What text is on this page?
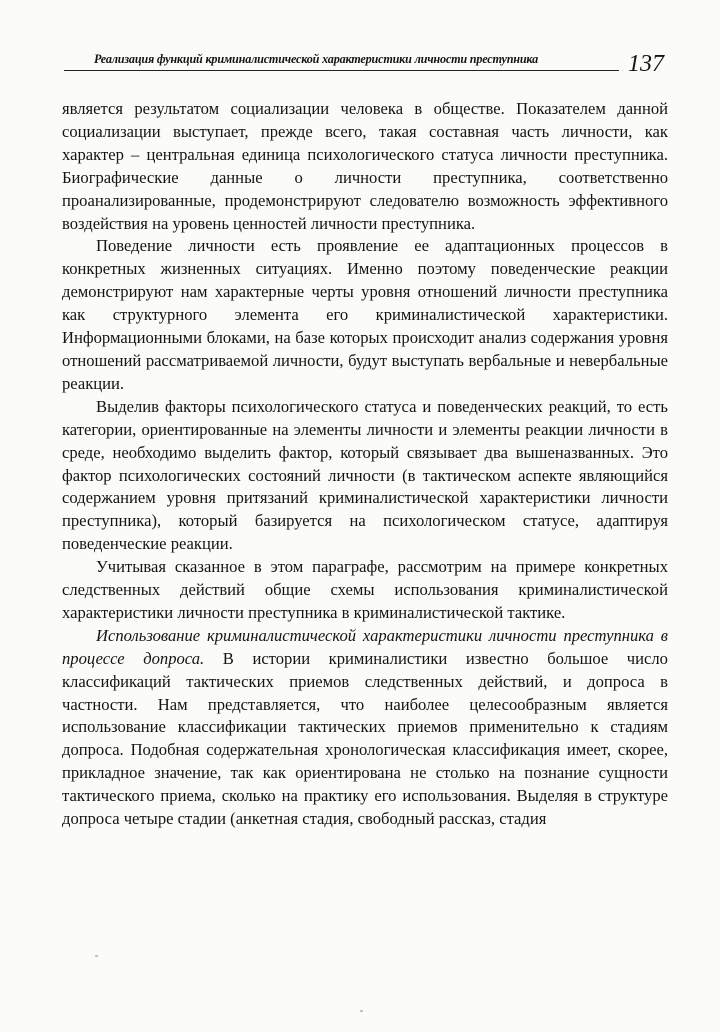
Реализация функций криминалистической характеристики личности преступника	137

является результатом социализации человека в обществе. Показателем данной социализации выступает, прежде всего, такая составная часть личности, как характер – центральная единица психологического статуса личности преступника. Биографические данные о личности преступника, соответственно проанализированные, продемонстрируют следователю возможность эффективного воздействия на уровень ценностей личности преступника.

Поведение личности есть проявление ее адаптационных процессов в конкретных жизненных ситуациях. Именно поэтому поведенческие реакции демонстрируют нам характерные черты уровня отношений личности преступника как структурного элемента его криминалистической характеристики. Информационными блоками, на базе которых происходит анализ содержания уровня отношений рассматриваемой личности, будут выступать вербальные и невербальные реакции.

Выделив факторы психологического статуса и поведенческих реакций, то есть категории, ориентированные на элементы личности и элементы реакции личности в среде, необходимо выделить фактор, который связывает два вышеназванных. Это фактор психологических состояний личности (в тактическом аспекте являющийся содержанием уровня притязаний криминалистической характеристики личности преступника), который базируется на психологическом статусе, адаптируя поведенческие реакции.

Учитывая сказанное в этом параграфе, рассмотрим на примере конкретных следственных действий общие схемы использования криминалистической характеристики личности преступника в криминалистической тактике.

Использование криминалистической характеристики личности преступника в процессе допроса. В истории криминалистики известно большое число классификаций тактических приемов следственных действий, и допроса в частности. Нам представляется, что наиболее целесообразным является использование классификации тактических приемов применительно к стадиям допроса. Подобная содержательная хронологическая классификация имеет, скорее, прикладное значение, так как ориентирована не столько на познание сущности тактического приема, сколько на практику его использования. Выделяя в структуре допроса четыре стадии (анкетная стадия, свободный рассказ, стадия
